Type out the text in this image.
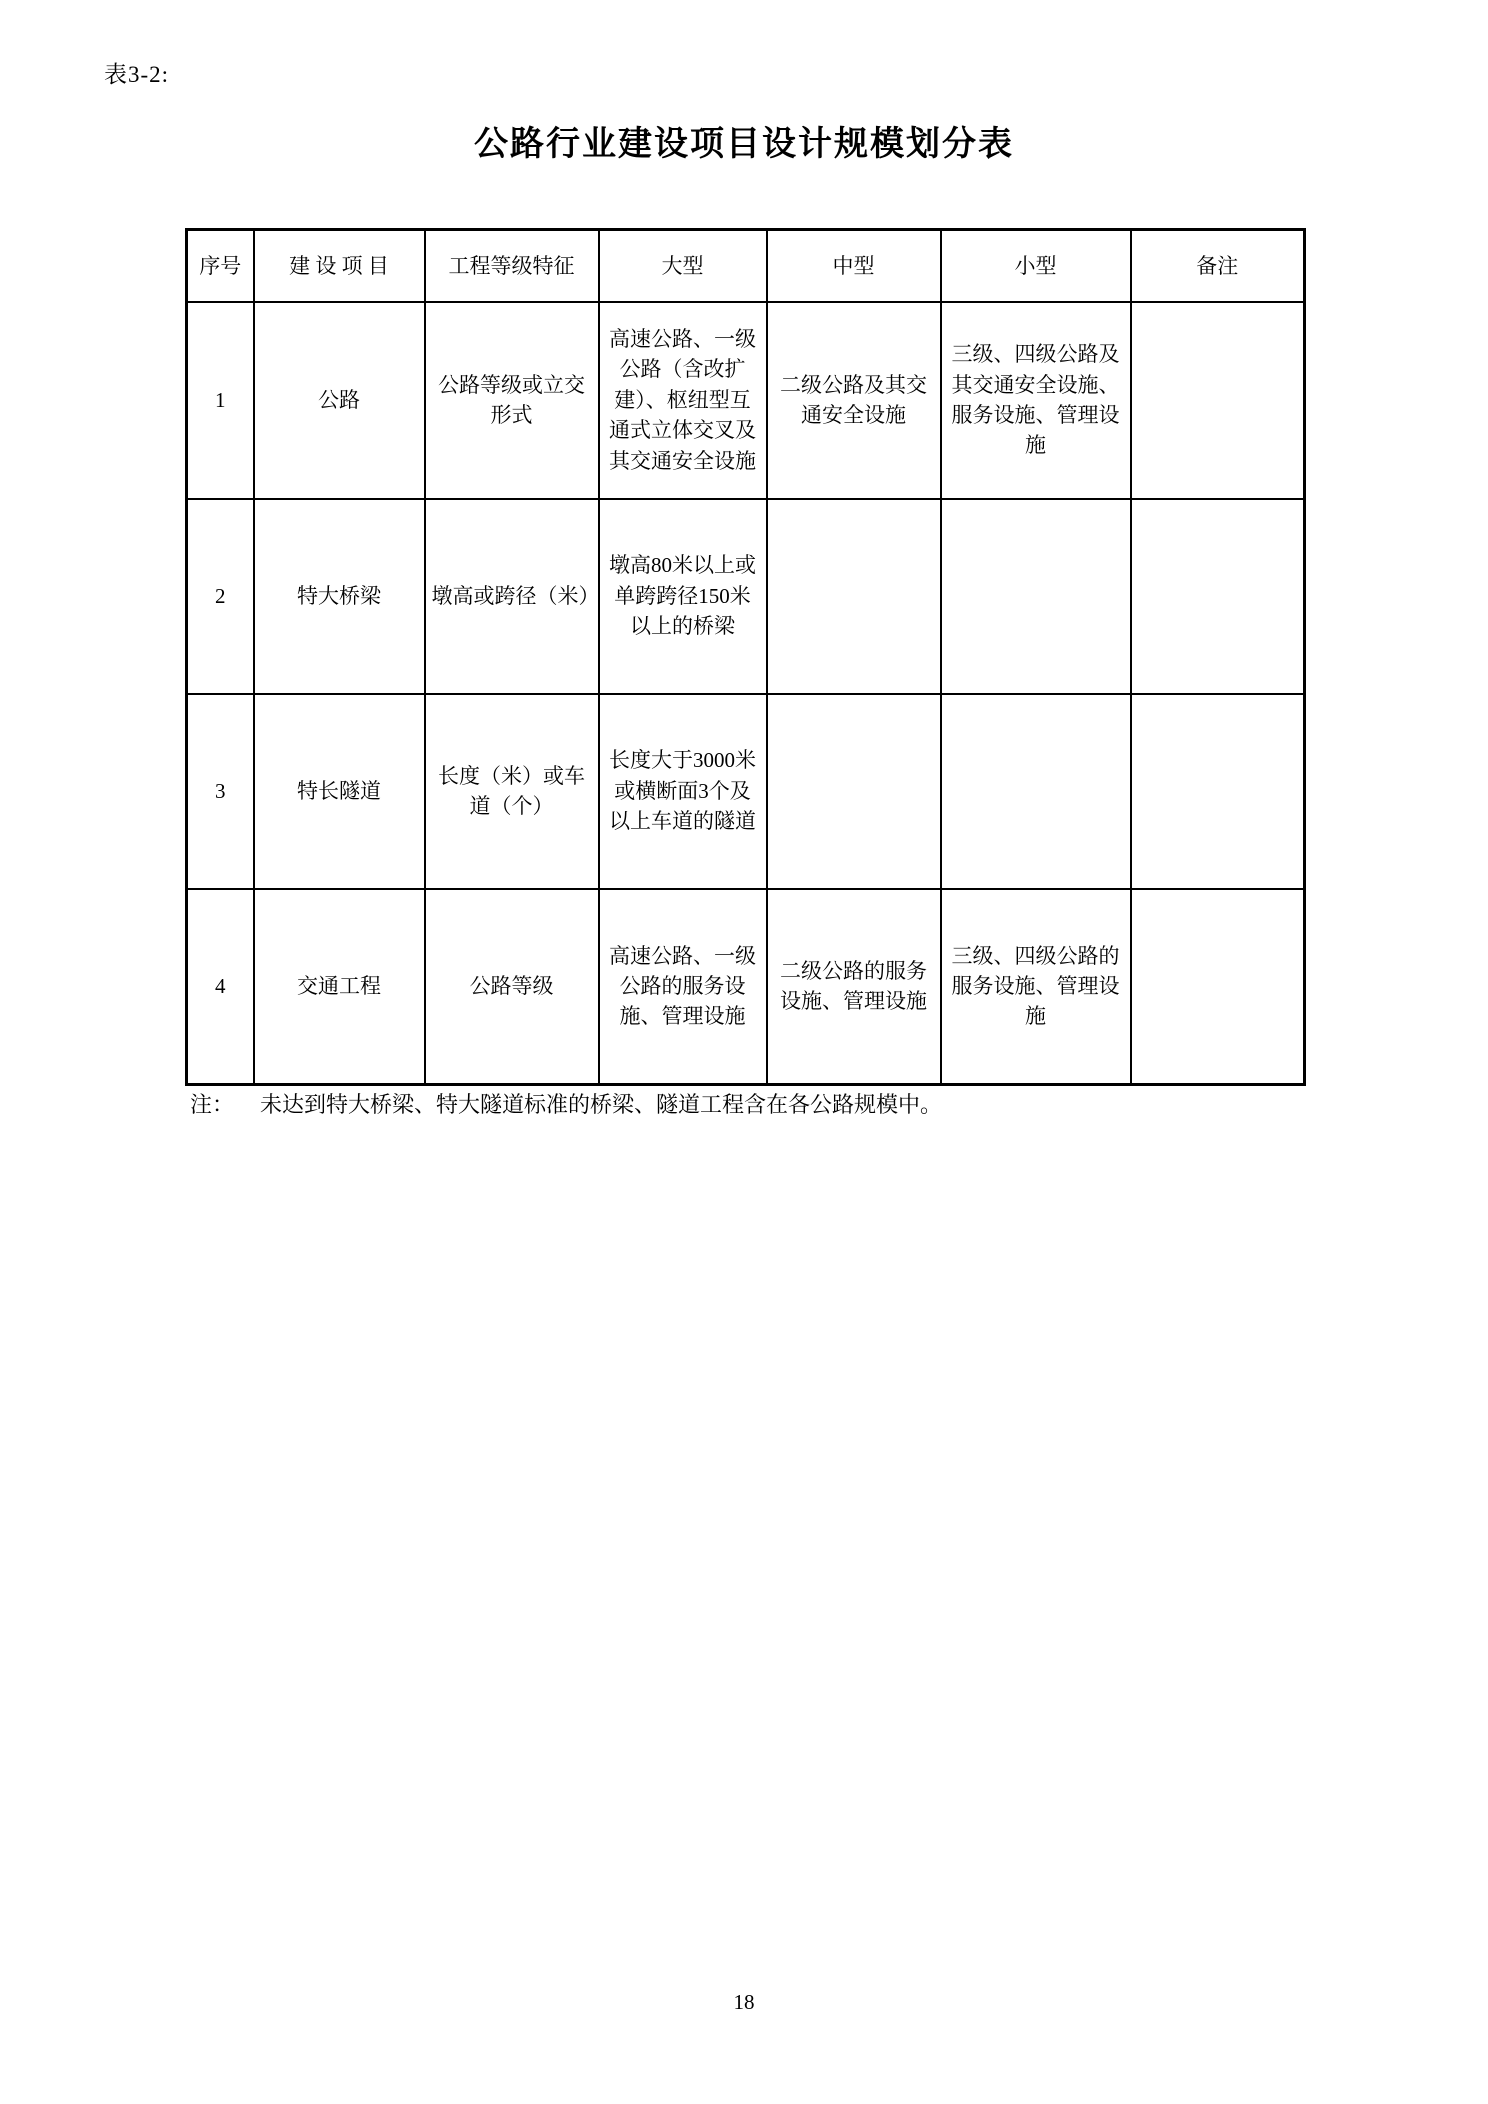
表3-2:
公路行业建设项目设计规模划分表
序号	建 设 项 目	工程等级特征	大型	中型	小型	备注
1	公路	公路等级或立交形式	高速公路、一级公路（含改扩建）、枢纽型互通式立体交叉及其交通安全设施	二级公路及其交通安全设施	三级、四级公路及其交通安全设施、服务设施、管理设施	
2	特大桥梁	墩高或跨径（米）	墩高80米以上或单跨跨径150米以上的桥梁			
3	特长隧道	长度（米）或车道（个）	长度大于3000米或横断面3个及以上车道的隧道			
4	交通工程	公路等级	高速公路、一级公路的服务设施、管理设施	二级公路的服务设施、管理设施	三级、四级公路的服务设施、管理设施	
注： 未达到特大桥梁、特大隧道标准的桥梁、隧道工程含在各公路规模中。
18
